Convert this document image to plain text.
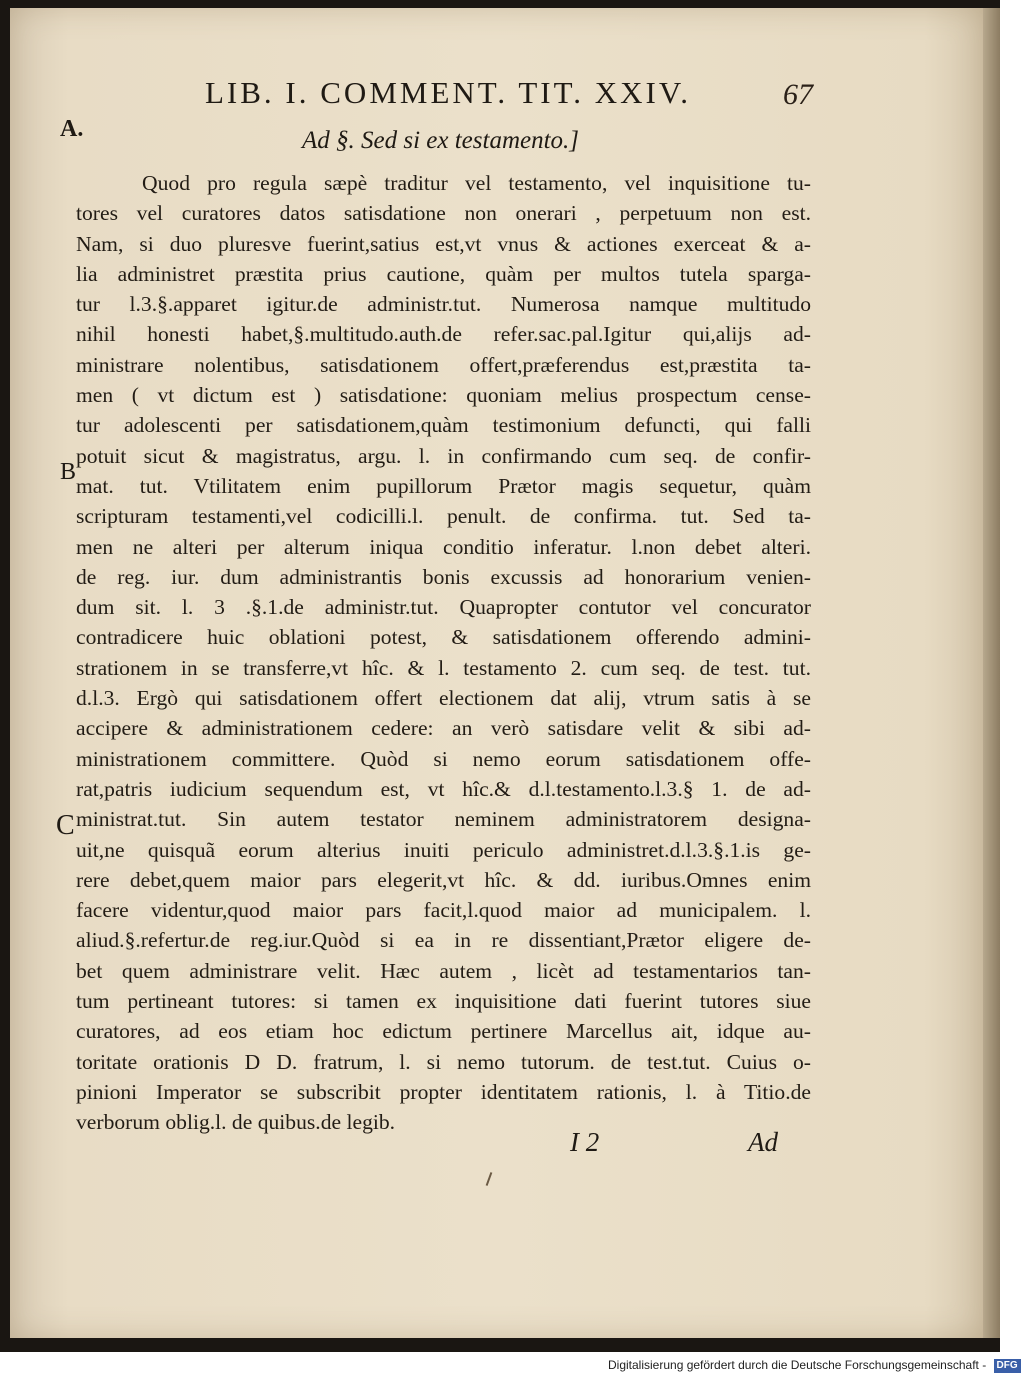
LIB. I. COMMENT. TIT. XXIV.	67
A.
B
C
Ad §. Sed si ex testamento.]
Quod pro regula sæpè traditur vel testamento, vel inquisitione tu-
tores vel curatores datos satisdatione non onerari , perpetuum non est.
Nam, si duo pluresve fuerint,satius est,vt vnus & actiones exerceat & a-
lia administret præstita prius cautione, quàm per multos tutela sparga-
tur l.3.§.apparet igitur.de administr.tut. Numerosa namque multitudo
nihil honesti habet,§.multitudo.auth.de refer.sac.pal.Igitur qui,alijs ad-
ministrare nolentibus, satisdationem offert,præferendus est,præstita ta-
men ( vt dictum est ) satisdatione: quoniam melius prospectum cense-
tur adolescenti per satisdationem,quàm testimonium defuncti, qui falli
potuit sicut & magistratus, argu. l. in confirmando cum seq. de confir-
mat. tut. Vtilitatem enim pupillorum Prætor magis sequetur, quàm
scripturam testamenti,vel codicilli.l. penult. de confirma. tut. Sed ta-
men ne alteri per alterum iniqua conditio inferatur. l.non debet alteri.
de reg. iur. dum administrantis bonis excussis ad honorarium venien-
dum sit. l. 3 .§.1.de administr.tut. Quapropter contutor vel concurator
contradicere huic oblationi potest, & satisdationem offerendo admini-
strationem in se transferre,vt hîc. & l. testamento 2. cum seq. de test. tut.
d.l.3. Ergò qui satisdationem offert electionem dat alij, vtrum satis à se
accipere & administrationem cedere: an verò satisdare velit & sibi ad-
ministrationem committere. Quòd si nemo eorum satisdationem offe-
rat,patris iudicium sequendum est, vt hîc.& d.l.testamento.l.3.§ 1. de ad-
ministrat.tut. Sin autem testator neminem administratorem designa-
uit,ne quisquã eorum alterius inuiti periculo administret.d.l.3.§.1.is ge-
rere debet,quem maior pars elegerit,vt hîc. & dd. iuribus.Omnes enim
facere videntur,quod maior pars facit,l.quod maior ad municipalem. l.
aliud.§.refertur.de reg.iur.Quòd si ea in re dissentiant,Prætor eligere de-
bet quem administrare velit. Hæc autem , licèt ad testamentarios tan-
tum pertineant tutores: si tamen ex inquisitione dati fuerint tutores siue
curatores, ad eos etiam hoc edictum pertinere Marcellus ait, idque au-
toritate orationis D D. fratrum, l. si nemo tutorum. de test.tut. Cuius o-
pinioni Imperator se subscribit propter identitatem rationis, l. à Titio.de
verborum oblig.l. de quibus.de legib.
I 2	Ad
Digitalisierung gefördert durch die Deutsche Forschungsgemeinschaft - DFG
